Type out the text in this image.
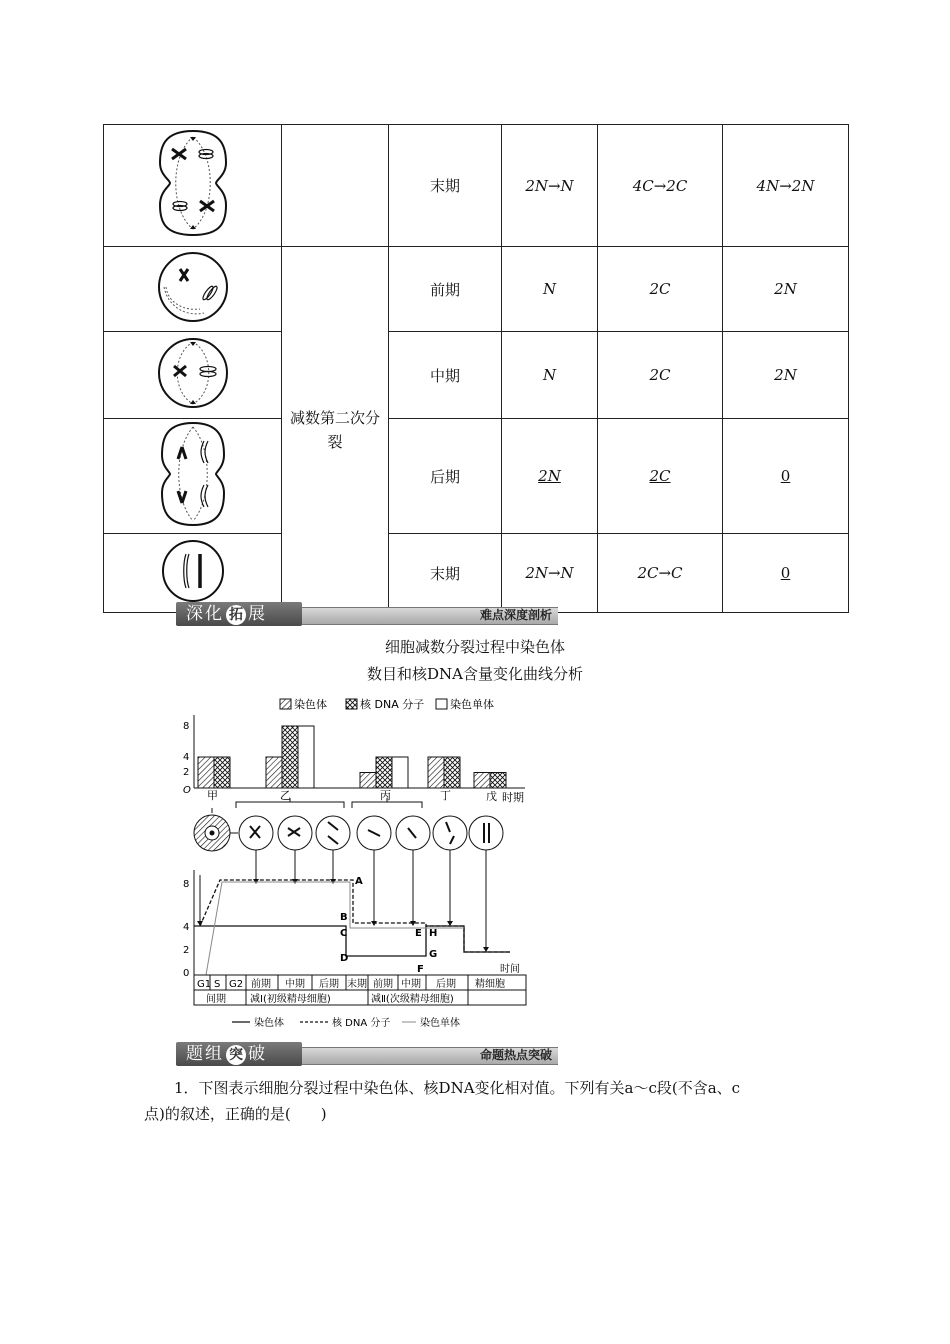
		末期	2N→N	4C→2C	4N→2N

减数第二次分裂	前期	N	2C	2N
	中期	N	2C	2N
	后期	2N	2C	0
	末期	2N→N	2C→C	0
深化 拓 展	难点深度剖析
细胞减数分裂过程中染色体
数目和核DNA含量变化曲线分析
染色体	核 DNA 分子 染色单体
8
4
2
O 甲	乙	丙	丁	戊 时期
8
4
2
0
A
B
C
D
E
F
H
G
时间
G1 S G2 前期 中期 后期 末期 前期 中期 后期 精细胞
间期 减Ⅰ(初级精母细胞)	减Ⅱ(次级精母细胞)
染色体	核 DNA 分子	染色单体
题组 突 破	命题热点突破
1．下图表示细胞分裂过程中染色体、核DNA变化相对值。下列有关a～c段(不含a、c
点)的叙述，正确的是(　　)
